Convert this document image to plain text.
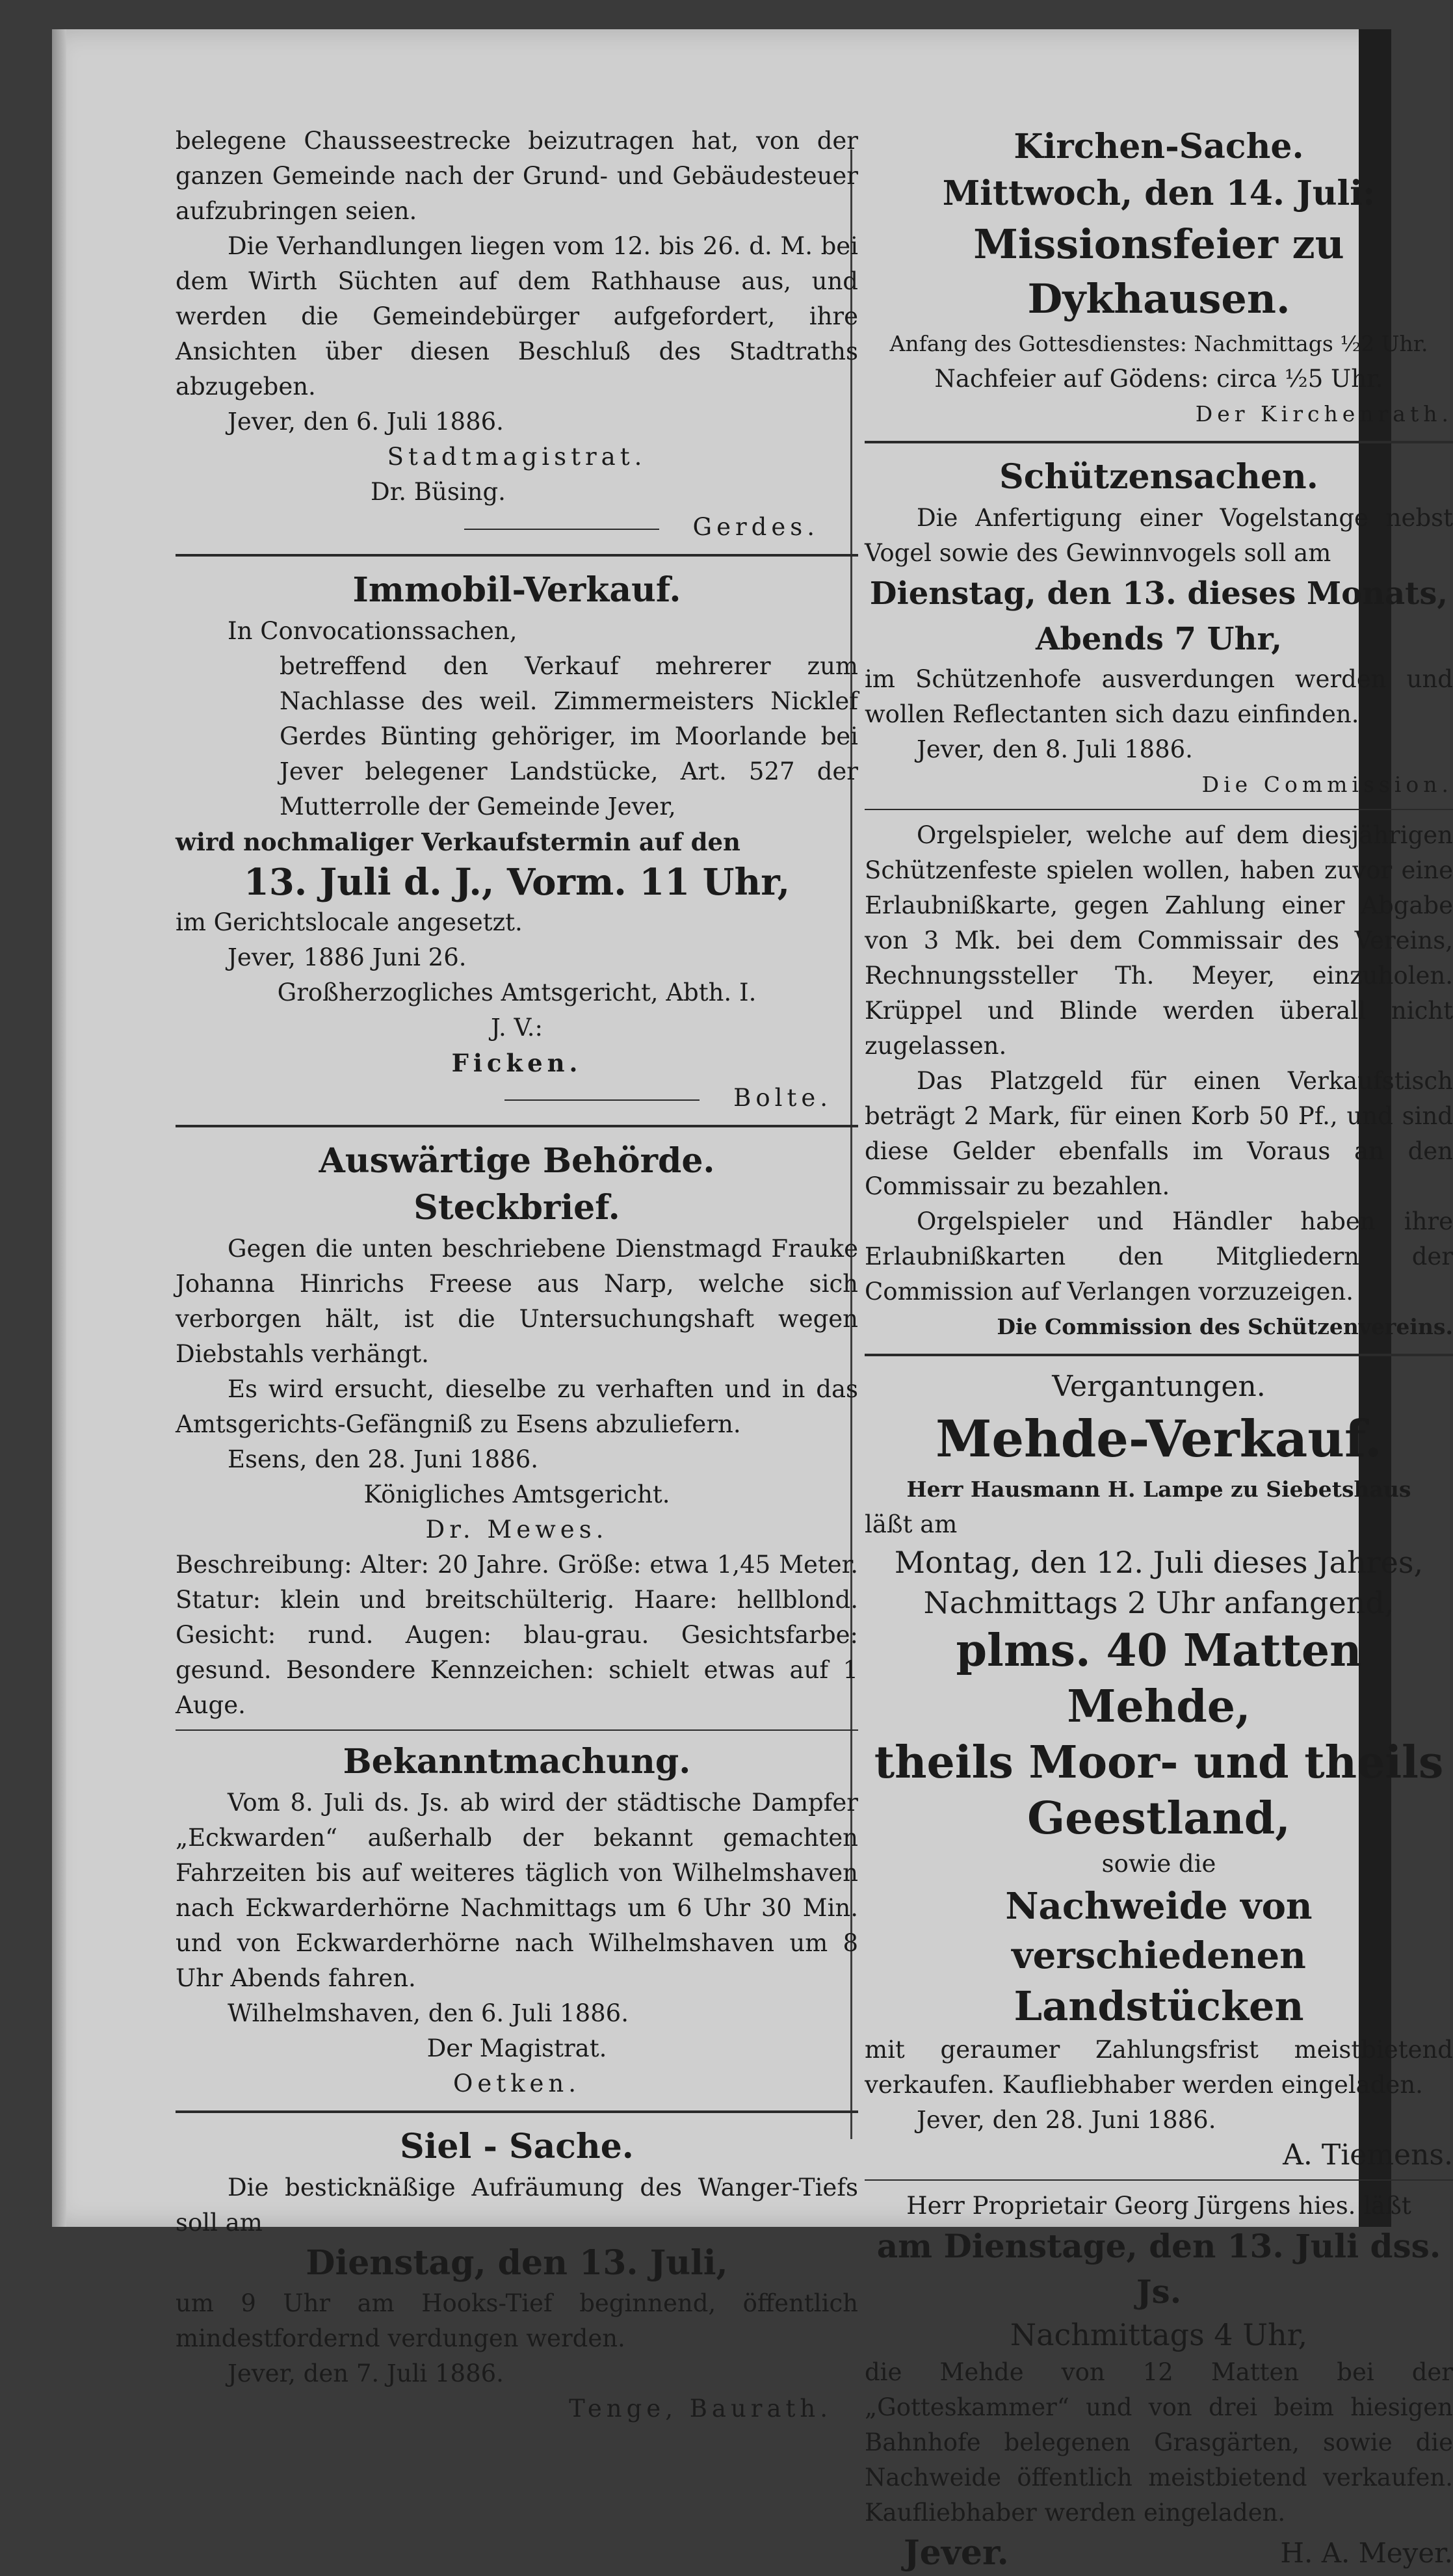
belegene Chausseestrecke beizutragen hat, von der

ganzen Gemeinde nach der Grund- und Gebäudesteuer

aufzubringen seien.

Die Verhandlungen liegen vom 12. bis 26. d. M. bei dem Wirth Süchten auf dem Rathhause aus, und werden die Gemeindebürger aufgefordert, ihre Ansichten über diesen Beschluß des Stadtraths abzugeben.

Jever, den 6. Juli 1886.

Stadtmagistrat.

Dr. Büsing.
Gerdes.

Immobil-Verkauf.

In Convocationssachen,

betreffend den Verkauf mehrerer zum Nachlasse des weil. Zimmermeisters Nicklef Gerdes Bünting gehöriger, im Moorlande bei Jever belegener Landstücke, Art. 527 der Mutterrolle der Gemeinde Jever,

wird nochmaliger Verkaufstermin auf den

13. Juli d. J., Vorm. 11 Uhr,

im Gerichtslocale angesetzt.

Jever, 1886 Juni 26.

Großherzogliches Amtsgericht, Abth. I.

J. V.:

Ficken.

Bolte.

Auswärtige Behörde.

Steckbrief.

Gegen die unten beschriebene Dienstmagd Frauke Johanna Hinrichs Freese aus Narp, welche sich verborgen hält, ist die Untersuchungshaft wegen Diebstahls verhängt.

Es wird ersucht, dieselbe zu verhaften und in das Amtsgerichts-Gefängniß zu Esens abzuliefern.

Esens, den 28. Juni 1886.

Königliches Amtsgericht.

Dr. Mewes.

Beschreibung: Alter: 20 Jahre. Größe: etwa 1,45 Meter. Statur: klein und breitschülterig. Haare: hellblond. Gesicht: rund. Augen: blau-grau. Gesichtsfarbe: gesund. Besondere Kennzeichen: schielt etwas auf 1 Auge.

Bekanntmachung.

Vom 8. Juli ds. Js. ab wird der städtische Dampfer „Eckwarden“ außerhalb der bekannt gemachten Fahrzeiten bis auf weiteres täglich von Wilhelmshaven nach Eckwarderhörne Nachmittags um 6 Uhr 30 Min. und von Eckwarderhörne nach Wilhelmshaven um 8 Uhr Abends fahren.

Wilhelmshaven, den 6. Juli 1886.

Der Magistrat.

Oetken.

Siel - Sache.

Die besticknäßige Aufräumung des Wanger-Tiefs soll am

Dienstag, den 13. Juli,

um 9 Uhr am Hooks-Tief beginnend, öffentlich mindestfordernd verdungen werden.

Jever, den 7. Juli 1886.

Tenge, Baurath.

Kirchen-Sache.

Mittwoch, den 14. Juli:

Missionsfeier zu Dykhausen.

Anfang des Gottesdienstes: Nachmittags ½2 Uhr.

Nachfeier auf Gödens: circa ½5 Uhr.

Der Kirchenrath.

Schützensachen.

Die Anfertigung einer Vogelstange nebst Vogel sowie des Gewinnvogels soll am

Dienstag, den 13. dieses Monats,

Abends 7 Uhr,

im Schützenhofe ausverdungen werden und wollen Reflectanten sich dazu einfinden.

Jever, den 8. Juli 1886.

Die Commission.

Orgelspieler, welche auf dem diesjährigen Schützenfeste spielen wollen, haben zuvor eine Erlaubnißkarte, gegen Zahlung einer Abgabe von 3 Mk. bei dem Commissair des Vereins, Rechnungssteller Th. Meyer, einzuholen. Krüppel und Blinde werden überall nicht zugelassen.

Das Platzgeld für einen Verkaufstisch beträgt 2 Mark, für einen Korb 50 Pf., und sind diese Gelder ebenfalls im Voraus an den Commissair zu bezahlen.

Orgelspieler und Händler haben ihre Erlaubnißkarten den Mitgliedern der Commission auf Verlangen vorzuzeigen.

Die Commission des Schützenvereins.

Vergantungen.

Mehde-Verkauf.

Herr Hausmann H. Lampe zu Siebetshaus

läßt am

Montag, den 12. Juli dieses Jahres,

Nachmittags 2 Uhr anfangend,

plms. 40 Matten Mehde,

theils Moor- und theils

Geestland,

sowie die

Nachweide von verschiedenen

Landstücken

mit geraumer Zahlungsfrist meistbietend verkaufen. Kaufliebhaber werden eingeladen.

Jever, den 28. Juni 1886.

A. Tiemens.

Herr Proprietair Georg Jürgens hies. läßt

am Dienstage, den 13. Juli dss. Js.

Nachmittags 4 Uhr,

die Mehde von 12 Matten bei der „Gotteskammer“ und von drei beim hiesigen Bahnhofe belegenen Grasgärten, sowie die Nachweide öffentlich meistbietend verkaufen. Kaufliebhaber werden eingeladen.

Jever.	H. A. Meyer.
